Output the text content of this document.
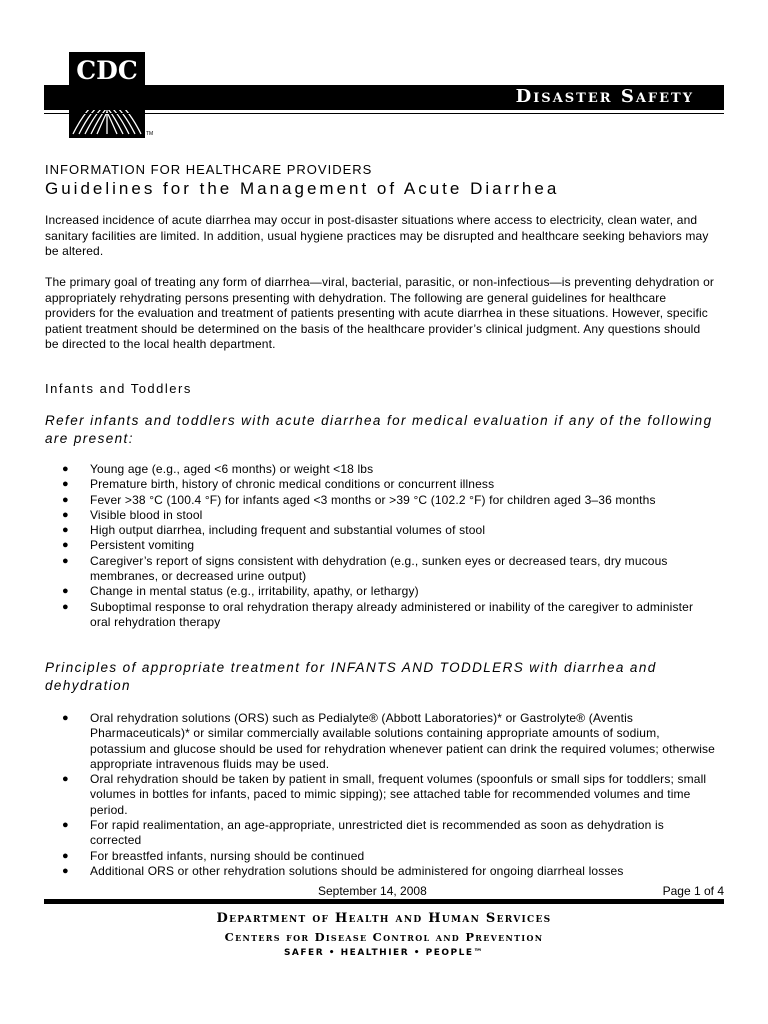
CDC
TM
Disaster Safety
INFORMATION FOR HEALTHCARE PROVIDERS
Guidelines for the Management of Acute Diarrhea

Increased incidence of acute diarrhea may occur in post-disaster situations where access to electricity, clean water, and sanitary facilities are limited. In addition, usual hygiene practices may be disrupted and healthcare seeking behaviors may be altered.

The primary goal of treating any form of diarrhea—viral, bacterial, parasitic, or non-infectious—is preventing dehydration or appropriately rehydrating persons presenting with dehydration. The following are general guidelines for healthcare providers for the evaluation and treatment of patients presenting with acute diarrhea in these situations. However, specific patient treatment should be determined on the basis of the healthcare provider’s clinical judgment. Any questions should be directed to the local health department.

Infants and Toddlers
Refer infants and toddlers with acute diarrhea for medical evaluation if any of the following are present:
● Young age (e.g., aged <6 months) or weight <18 lbs
● Premature birth, history of chronic medical conditions or concurrent illness
● Fever >38 °C (100.4 °F) for infants aged <3 months or >39 °C (102.2 °F) for children aged 3–36 months
● Visible blood in stool
● High output diarrhea, including frequent and substantial volumes of stool
● Persistent vomiting
● Caregiver’s report of signs consistent with dehydration (e.g., sunken eyes or decreased tears, dry mucous membranes, or decreased urine output)
● Change in mental status (e.g., irritability, apathy, or lethargy)
● Suboptimal response to oral rehydration therapy already administered or inability of the caregiver to administer oral rehydration therapy
Principles of appropriate treatment for INFANTS AND TODDLERS with diarrhea and dehydration
● Oral rehydration solutions (ORS) such as Pedialyte® (Abbott Laboratories)* or Gastrolyte® (Aventis Pharmaceuticals)* or similar commercially available solutions containing appropriate amounts of sodium, potassium and glucose should be used for rehydration whenever patient can drink the required volumes; otherwise appropriate intravenous fluids may be used.
● Oral rehydration should be taken by patient in small, frequent volumes (spoonfuls or small sips for toddlers; small volumes in bottles for infants, paced to mimic sipping); see attached table for recommended volumes and time period.
● For rapid realimentation, an age-appropriate, unrestricted diet is recommended as soon as dehydration is corrected
● For breastfed infants, nursing should be continued
● Additional ORS or other rehydration solutions should be administered for ongoing diarrheal losses
September 14, 2008	Page 1 of 4
Department of Health and Human Services
Centers for Disease Control and Prevention
SAFER • HEALTHIER • PEOPLE™
